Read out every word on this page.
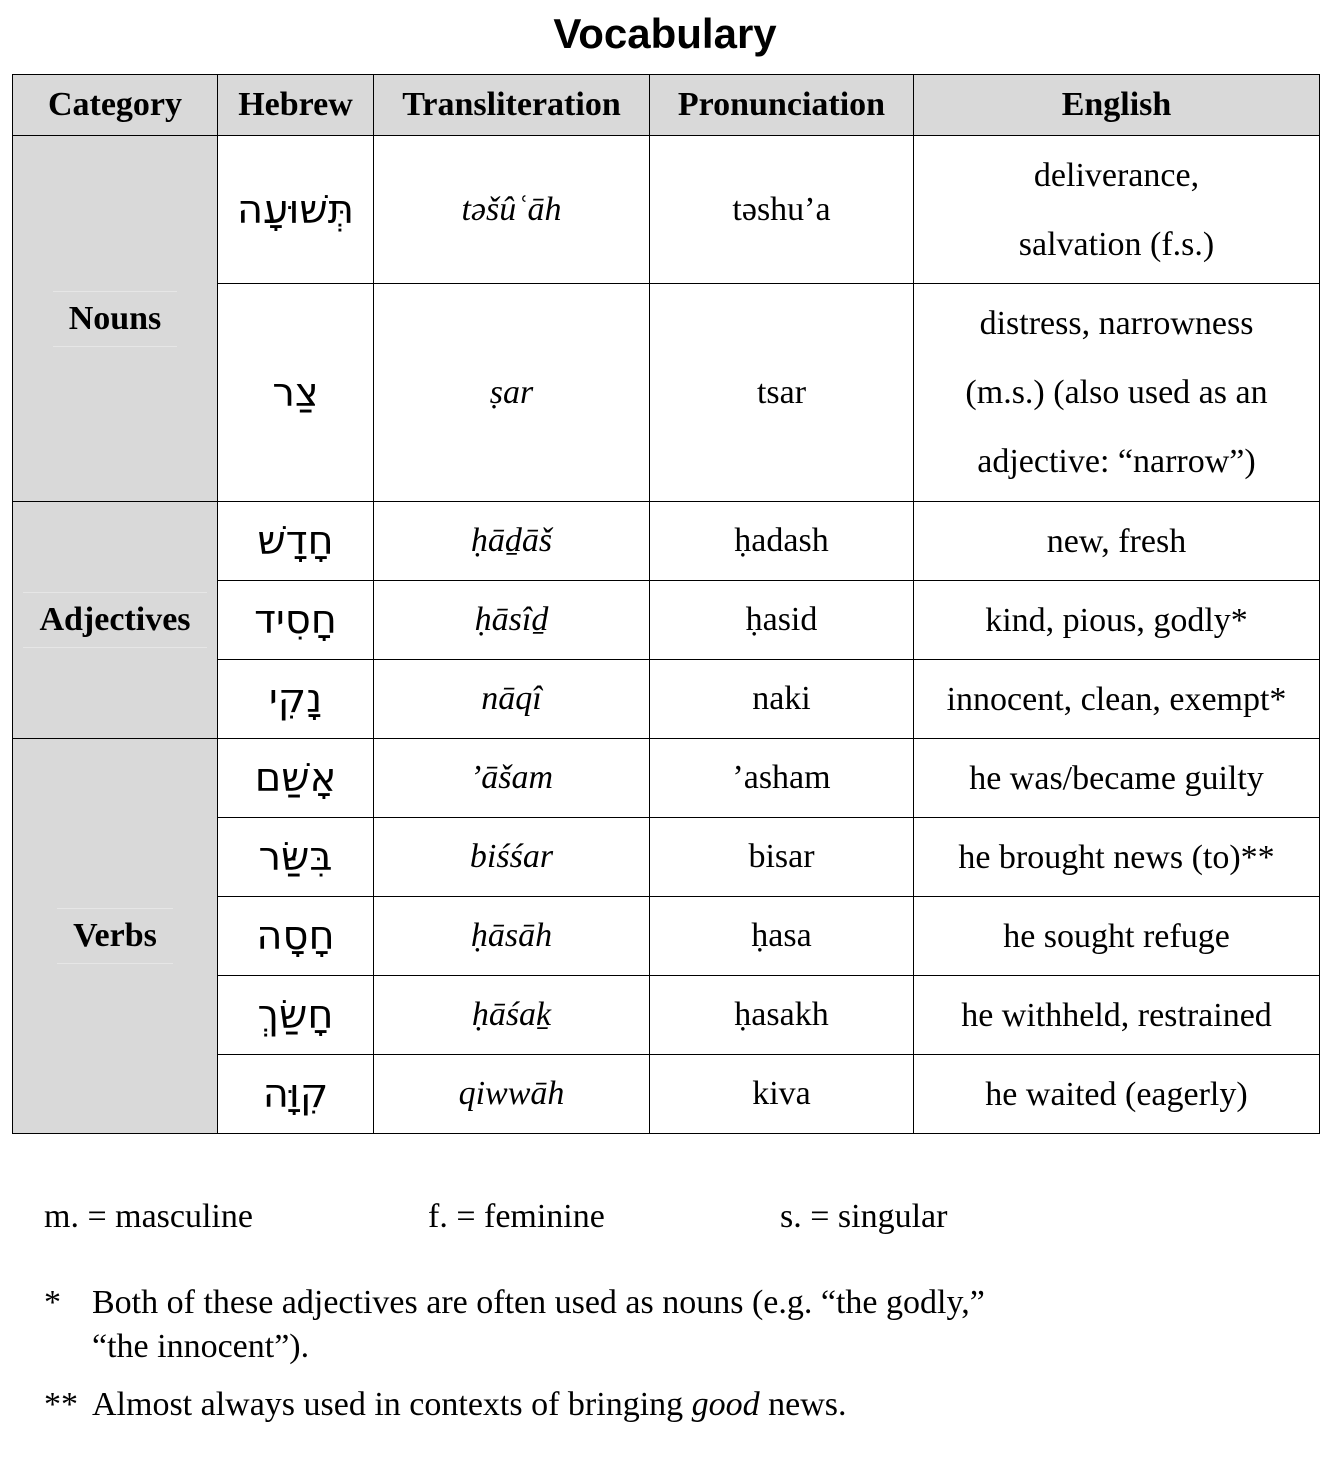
Vocabulary
Category	Hebrew	Transliteration	Pronunciation	English
Nouns	תְּשׁוּעָה	təšûʿāh	təshu’a	deliverance,
salvation (f.s.)

	צַר	ṣar	tsar	distress, narrowness
(m.s.) (also used as an
adjective: “narrow”)

Adjectives	חָדָשׁ	ḥāḏāš	ḥadash	new, fresh
	חָסִיד	ḥāsîḏ	ḥasid	kind, pious, godly*
	נָקִי	nāqî	naki	innocent, clean, exempt*
Verbs	אָשַׁם	’āšam	’asham	he was/became guilty
	בִּשַּׂר	biśśar	bisar	he brought news (to)**
	חָסָה	ḥāsāh	ḥasa	he sought refuge
	חָשַׂךְ	ḥāśaḵ	ḥasakh	he withheld, restrained
	קִוָּה	qiwwāh	kiva	he waited (eagerly)
m. = masculine	f. = feminine	s. = singular
* Both of these adjectives are often used as nouns (e.g. “the godly,”
“the innocent”).
** Almost always used in contexts of bringing good news.
